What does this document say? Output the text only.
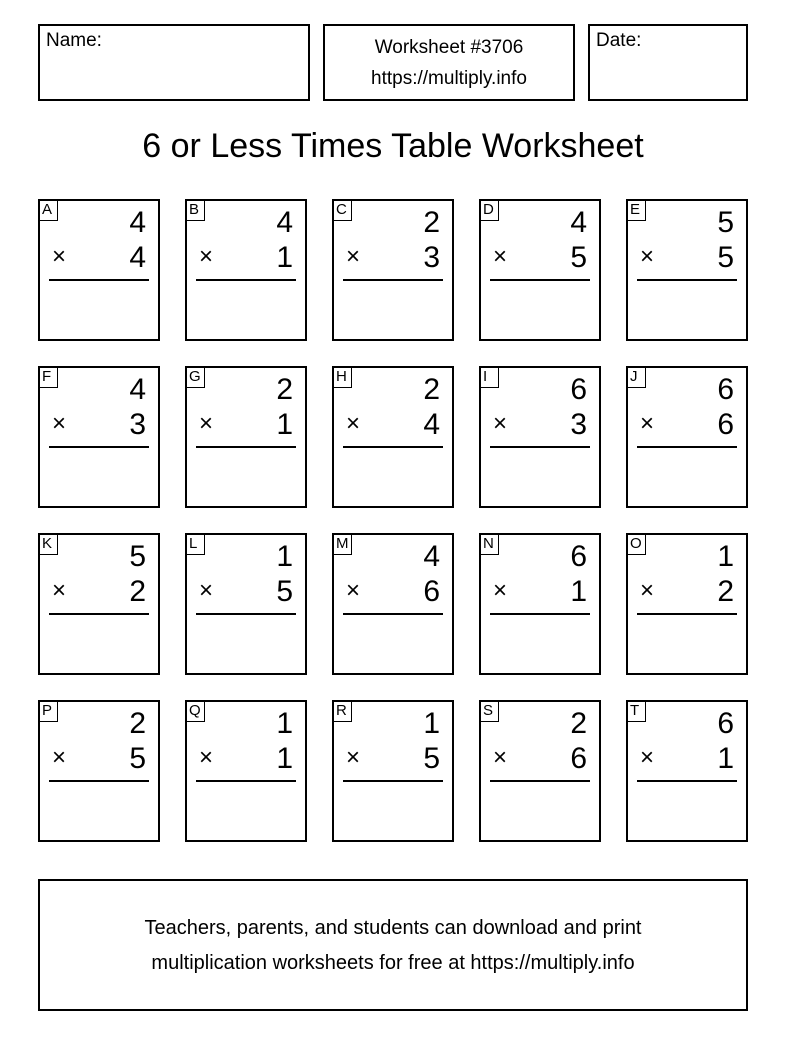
Name:	Worksheet #3706
https://multiply.info
Date:
6 or Less Times Table Worksheet
A	4
× 4
B	4
× 1
C	2
× 3
D	4
× 5
E	5
× 5
F	4
× 3
G	2
× 1
H	2
× 4
I	6
× 3
J	6
× 6
K	5
× 2
L	1
× 5
M 4
× 6
N	6
× 1
O	1
× 2
P	2
× 5
Q	1
× 1
R	1
× 5
S	2
× 6
T	6
× 1
Teachers, parents, and students can download and print
multiplication worksheets for free at https://multiply.info
